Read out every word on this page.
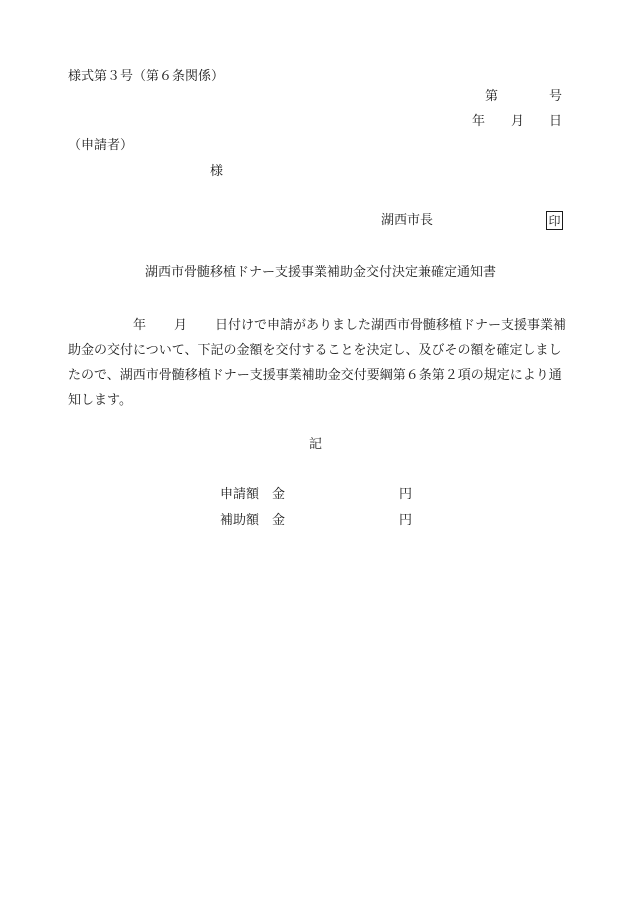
様式第３号（第６条関係）
第	号
年 月 日
（申請者）
様
湖西市長	印
湖西市骨髄移植ドナー支援事業補助金交付決定兼確定通知書
年 月 日付けで申請がありました湖西市骨髄移植ドナー支援事業補
助金の交付について、下記の金額を交付することを決定し、及びその額を確定しまし
たので、湖西市骨髄移植ドナー支援事業補助金交付要綱第６条第２項の規定により通
知します。
記
申請額 金	円
補助額 金	円
